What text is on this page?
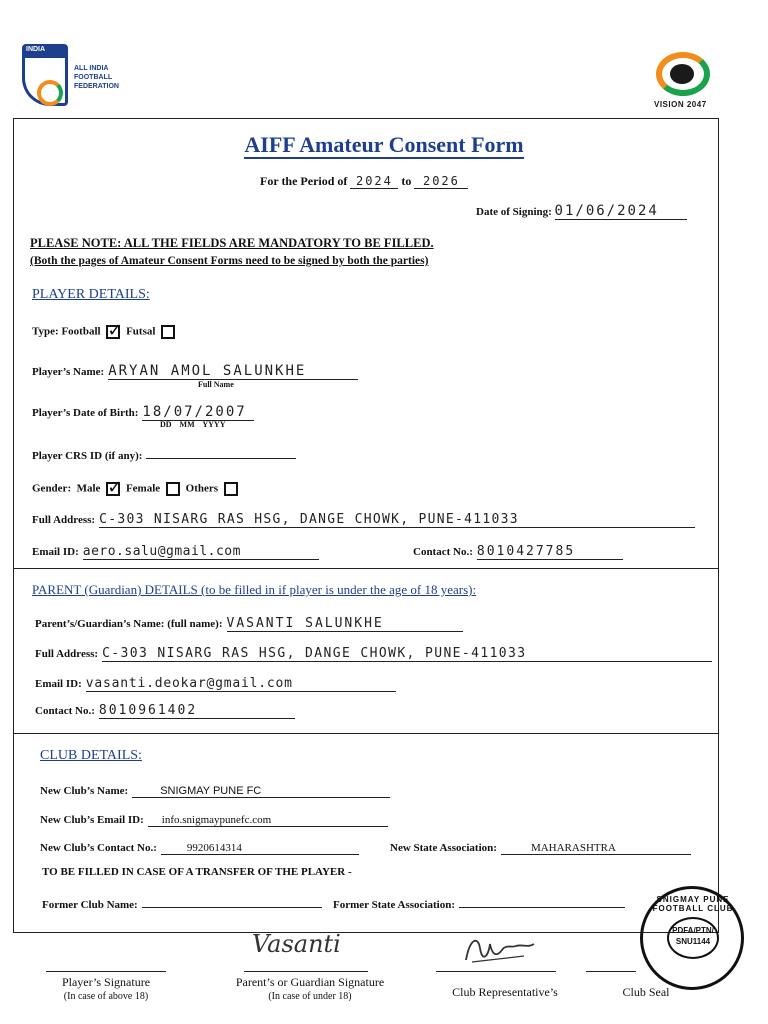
INDIA
ALL INDIA
FOOTBALL
FEDERATION
VISION 2047
AIFF Amateur Consent Form
For the Period of 2024 to 2026
Date of Signing: 01/06/2024
PLEASE NOTE: ALL THE FIELDS ARE MANDATORY TO BE FILLED.
(Both the pages of Amateur Consent Forms need to be signed by both the parties)
PLAYER DETAILS:
Type: Football ✓ Futsal
Player’s Name: ARYAN AMOL SALUNKHE
Full Name
Player’s Date of Birth: 18/07/2007
DD MM YYYY
Player CRS ID (if any):
Gender: Male ✓ Female Others
Full Address: C-303 NISARG RAS HSG, DANGE CHOWK, PUNE-411033
Email ID: aero.salu@gmail.com	Contact No.: 8010427785
PARENT (Guardian) DETAILS (to be filled in if player is under the age of 18 years):
Parent’s/Guardian’s Name: (full name): VASANTI SALUNKHE
Full Address: C-303 NISARG RAS HSG, DANGE CHOWK, PUNE-411033
Email ID: vasanti.deokar@gmail.com
Contact No.: 8010961402
CLUB DETAILS:
New Club’s Name:	SNIGMAY PUNE FC
New Club’s Email ID: info.snigmaypunefc.com
New Club’s Contact No.:	9920614314	New State Association:	MAHARASHTRA
TO BE FILLED IN CASE OF A TRANSFER OF THE PLAYER -
Former Club Name:	Former State Association:
Player’s Signature
(In case of above 18)
Vasanti
Parent’s or Guardian Signature
(In case of under 18)	Club Representative’s	Club Seal
SNIGMAY PUNE FOOTBALL CLUB
PDFA/PTN/
SNU1144
